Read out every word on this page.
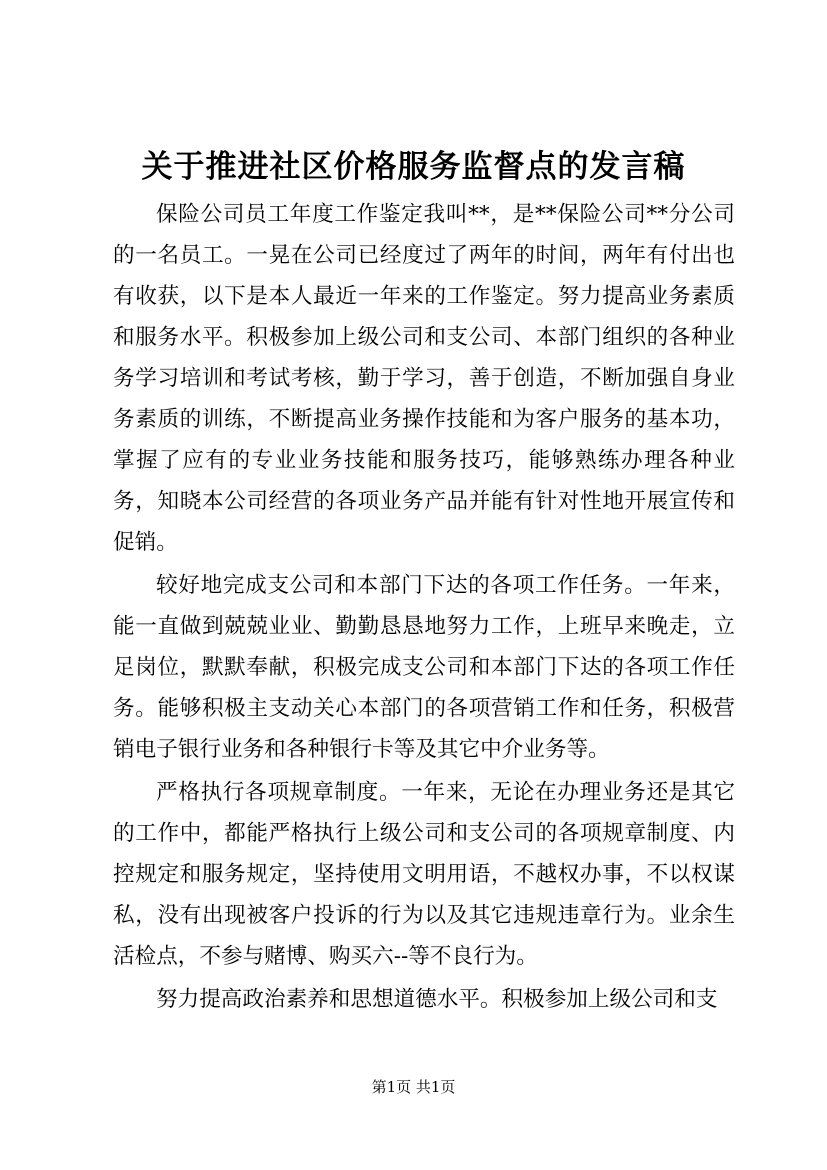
关于推进社区价格服务监督点的发言稿

保险公司员工年度工作鉴定我叫**，是**保险公司**分公司的一名员工。一晃在公司已经度过了两年的时间，两年有付出也有收获，以下是本人最近一年来的工作鉴定。努力提高业务素质和服务水平。积极参加上级公司和支公司、本部门组织的各种业务学习培训和考试考核，勤于学习，善于创造，不断加强自身业务素质的训练，不断提高业务操作技能和为客户服务的基本功，掌握了应有的专业业务技能和服务技巧，能够熟练办理各种业务，知晓本公司经营的各项业务产品并能有针对性地开展宣传和促销。

较好地完成支公司和本部门下达的各项工作任务。一年来，能一直做到兢兢业业、勤勤恳恳地努力工作，上班早来晚走，立足岗位，默默奉献，积极完成支公司和本部门下达的各项工作任务。能够积极主支动关心本部门的各项营销工作和任务，积极营销电子银行业务和各种银行卡等及其它中介业务等。

严格执行各项规章制度。一年来，无论在办理业务还是其它的工作中，都能严格执行上级公司和支公司的各项规章制度、内控规定和服务规定，坚持使用文明用语，不越权办事，不以权谋私，没有出现被客户投诉的行为以及其它违规违章行为。业余生活检点，不参与赌博、购买六--等不良行为。

努力提高政治素养和思想道德水平。积极参加上级公司和支

第1页 共1页
